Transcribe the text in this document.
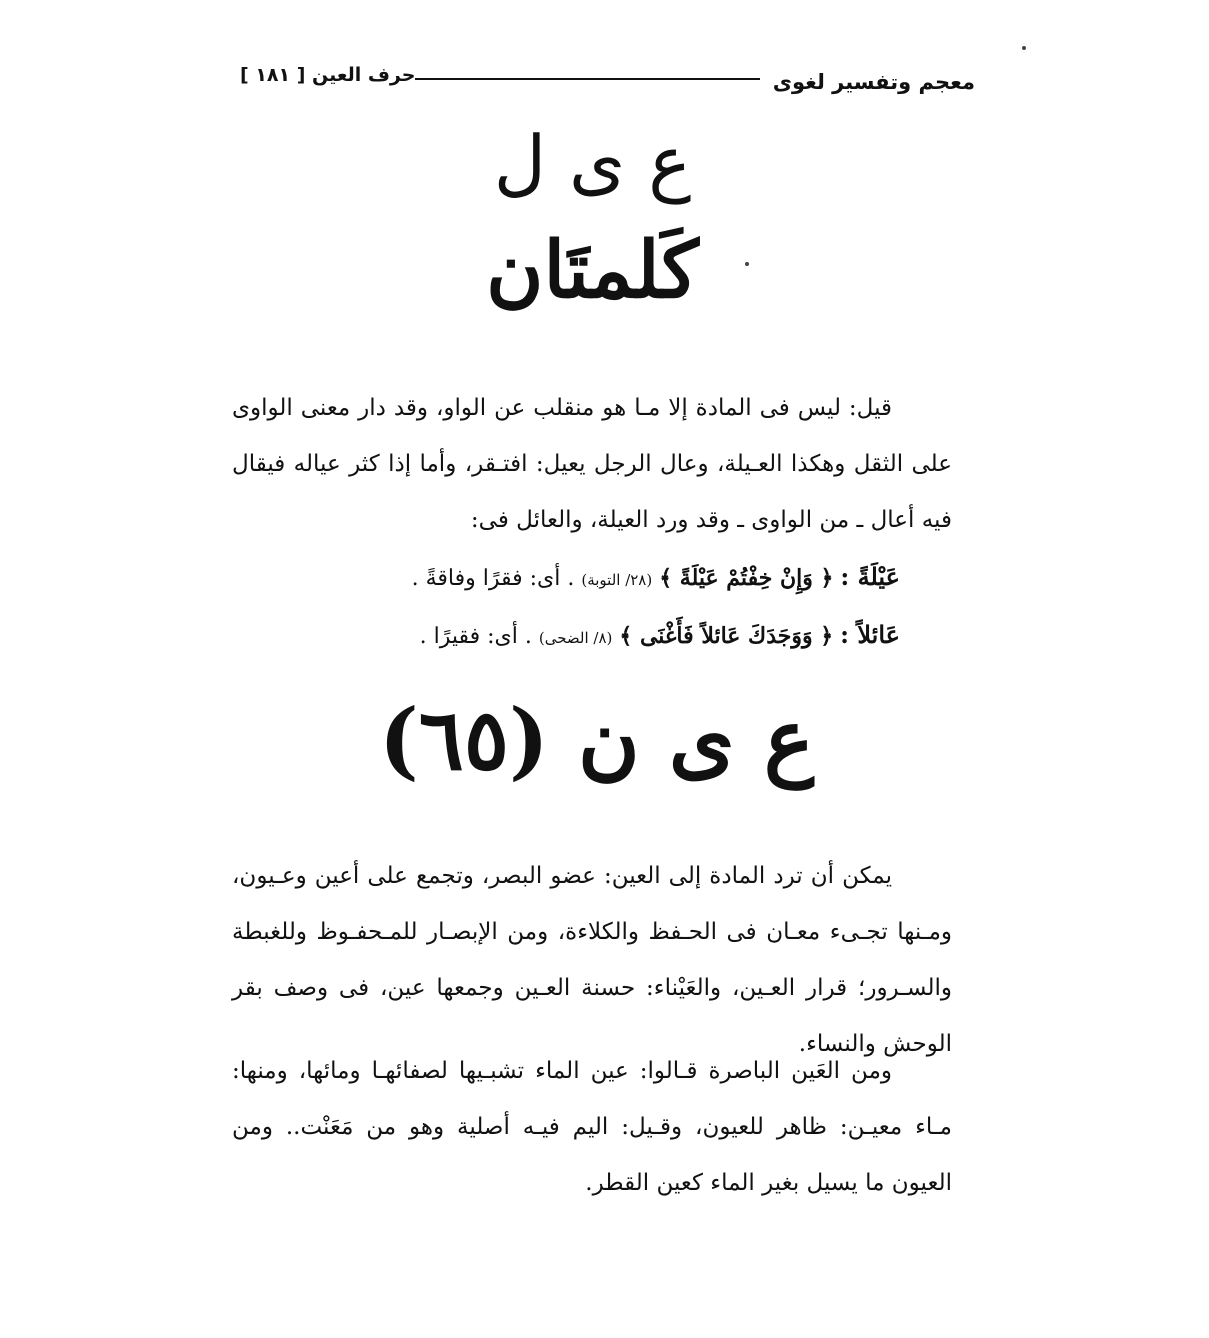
معجم وتفسير لغوى
حرف العين [ ١٨١ ]
ع ى ل
كَلمتَان
قيل: ليس فى المادة إلا مـا هو منقلب عن الواو، وقد دار معنى الواوى على الثقل وهكذا العـيلة، وعال الرجل يعيل: افتـقر، وأما إذا كثر عياله فيقال فيه أعال ـ من الواوى ـ وقد ورد العيلة، والعائل فى:
عَيْلَةً : ﴿ وَإِنْ خِفْتُمْ عَيْلَةً ﴾ (٢٨/ التوبة) . أى: فقرًا وفاقةً .
عَائلاً : ﴿ وَوَجَدَكَ عَائلاً فَأَغْنَى ﴾ (٨/ الضحى) . أى: فقيرًا .
ع ى ن (٦٥)
يمكن أن ترد المادة إلى العين: عضو البصر، وتجمع على أعين وعـيون، ومـنها تجـىء معـان فى الحـفظ والكلاءة، ومن الإبصـار للمـحفـوظ وللغبطة والسـرور؛ قرار العـين، والعَيْناء: حسنة العـين وجمعها عين، فى وصف بقر الوحش والنساء.
ومن العَين الباصرة قـالوا: عين الماء تشبـيها لصفائهـا ومائها، ومنها: مـاء معيـن: ظاهر للعيون، وقـيل: اليم فيـه أصلية وهو من مَعَنْت.. ومن العيون ما يسيل بغير الماء كعين القطر.
